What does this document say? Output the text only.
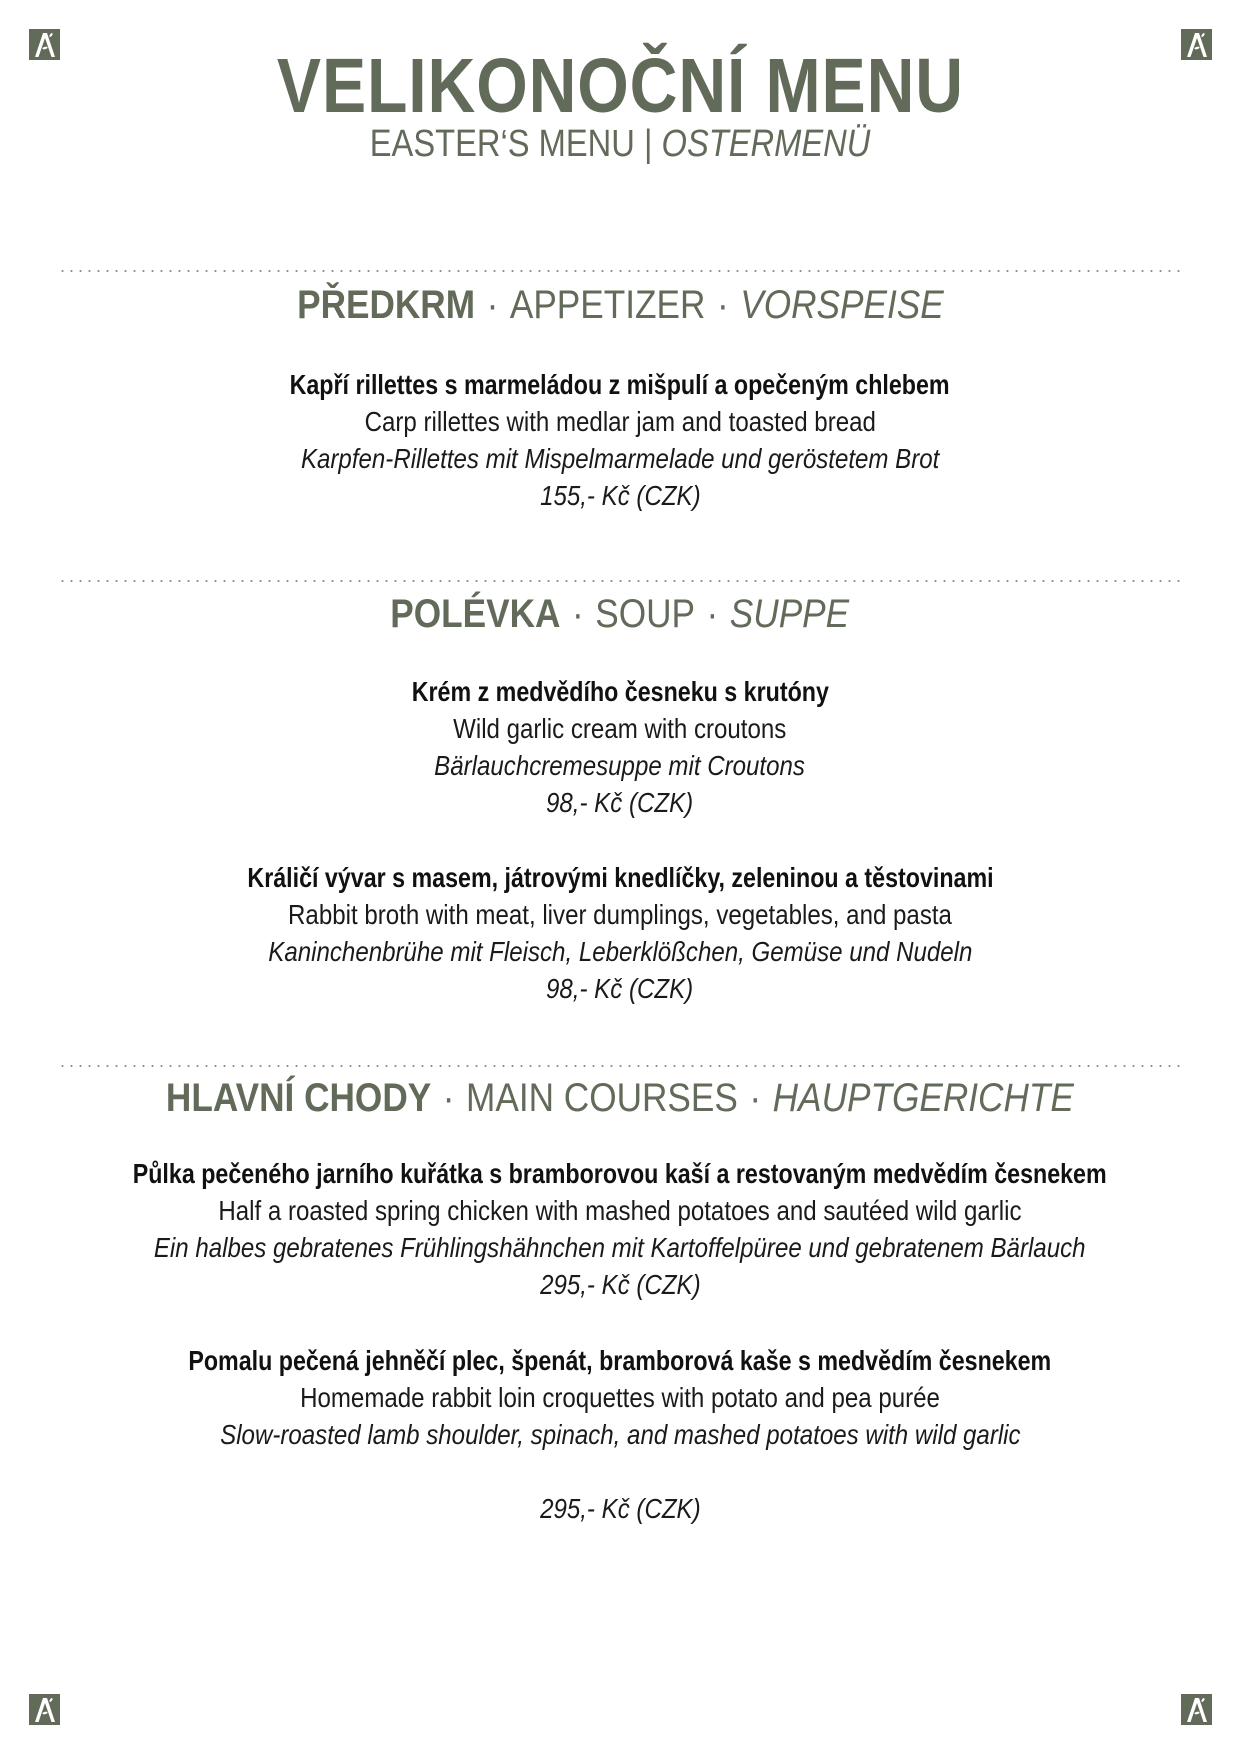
VELIKONOČNÍ MENU
EASTER‘S MENU | OSTERMENÜ
PŘEDKRM · APPETIZER · VORSPEISE
Kapří rillettes s marmeládou z mišpulí a opečeným chlebem
Carp rillettes with medlar jam and toasted bread
Karpfen-Rillettes mit Mispelmarmelade und geröstetem Brot
155,- Kč (CZK)
POLÉVKA · SOUP · SUPPE
Krém z medvědího česneku s krutóny
Wild garlic cream with croutons
Bärlauchcremesuppe mit Croutons
98,- Kč (CZK)
Králičí vývar s masem, játrovými knedlíčky, zeleninou a těstovinami
Rabbit broth with meat, liver dumplings, vegetables, and pasta
Kaninchenbrühe mit Fleisch, Leberklößchen, Gemüse und Nudeln
98,- Kč (CZK)
HLAVNÍ CHODY · MAIN COURSES · HAUPTGERICHTE
Půlka pečeného jarního kuřátka s bramborovou kaší a restovaným medvědím česnekem
Half a roasted spring chicken with mashed potatoes and sautéed wild garlic
Ein halbes gebratenes Frühlingshähnchen mit Kartoffelpüree und gebratenem Bärlauch
295,- Kč (CZK)
Pomalu pečená jehněčí plec, špenát, bramborová kaše s medvědím česnekem
Homemade rabbit loin croquettes with potato and pea purée
Slow-roasted lamb shoulder, spinach, and mashed potatoes with wild garlic
295,- Kč (CZK)
